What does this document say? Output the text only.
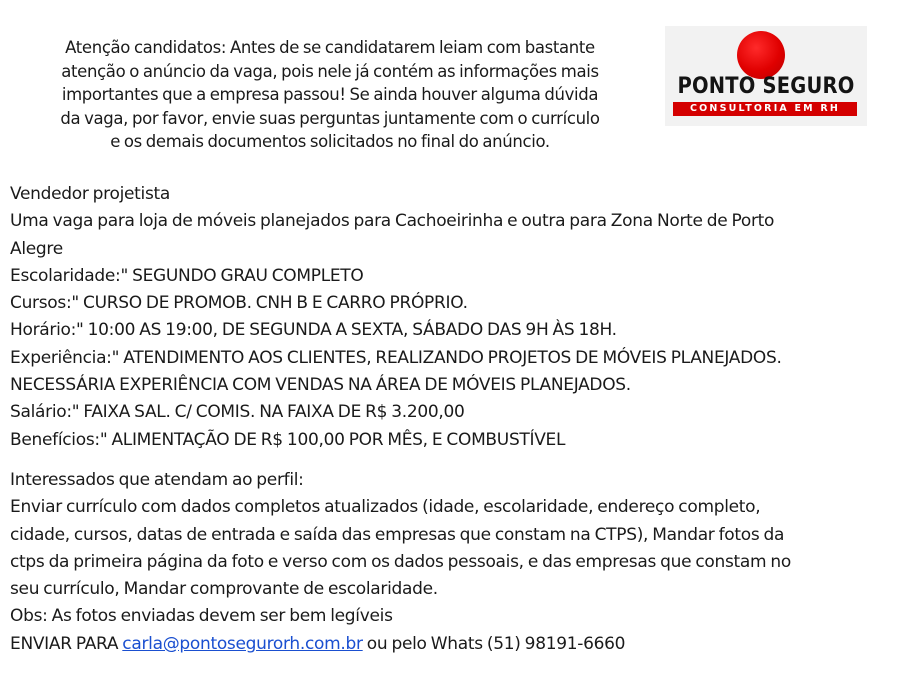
Atenção candidatos: Antes de se candidatarem leiam com bastante

atenção o anúncio da vaga, pois nele já contém as informações mais

importantes que a empresa passou! Se ainda houver alguma dúvida

da vaga, por favor, envie suas perguntas juntamente com o currículo

e os demais documentos solicitados no final do anúncio.

PONTO SEGURO
CONSULTORIA EM RH

Vendedor projetista

Uma vaga para loja de móveis planejados para Cachoeirinha e outra para Zona Norte de Porto

Alegre

Escolaridade:" SEGUNDO GRAU COMPLETO

Cursos:" CURSO DE PROMOB. CNH B E CARRO PRÓPRIO.

Horário:" 10:00 AS 19:00, DE SEGUNDA A SEXTA, SÁBADO DAS 9H ÀS 18H.

Experiência:" ATENDIMENTO AOS CLIENTES, REALIZANDO PROJETOS DE MÓVEIS PLANEJADOS.

NECESSÁRIA EXPERIÊNCIA COM VENDAS NA ÁREA DE MÓVEIS PLANEJADOS.

Salário:" FAIXA SAL. C/ COMIS. NA FAIXA DE R$ 3.200,00

Benefícios:" ALIMENTAÇÃO DE R$ 100,00 POR MÊS, E COMBUSTÍVEL

Interessados que atendam ao perfil:

Enviar currículo com dados completos atualizados (idade, escolaridade, endereço completo,

cidade, cursos, datas de entrada e saída das empresas que constam na CTPS), Mandar fotos da

ctps da primeira página da foto e verso com os dados pessoais, e das empresas que constam no

seu currículo, Mandar comprovante de escolaridade.

Obs: As fotos enviadas devem ser bem legíveis

ENVIAR PARA carla@pontosegurorh.com.br ou pelo Whats (51) 98191-6660
